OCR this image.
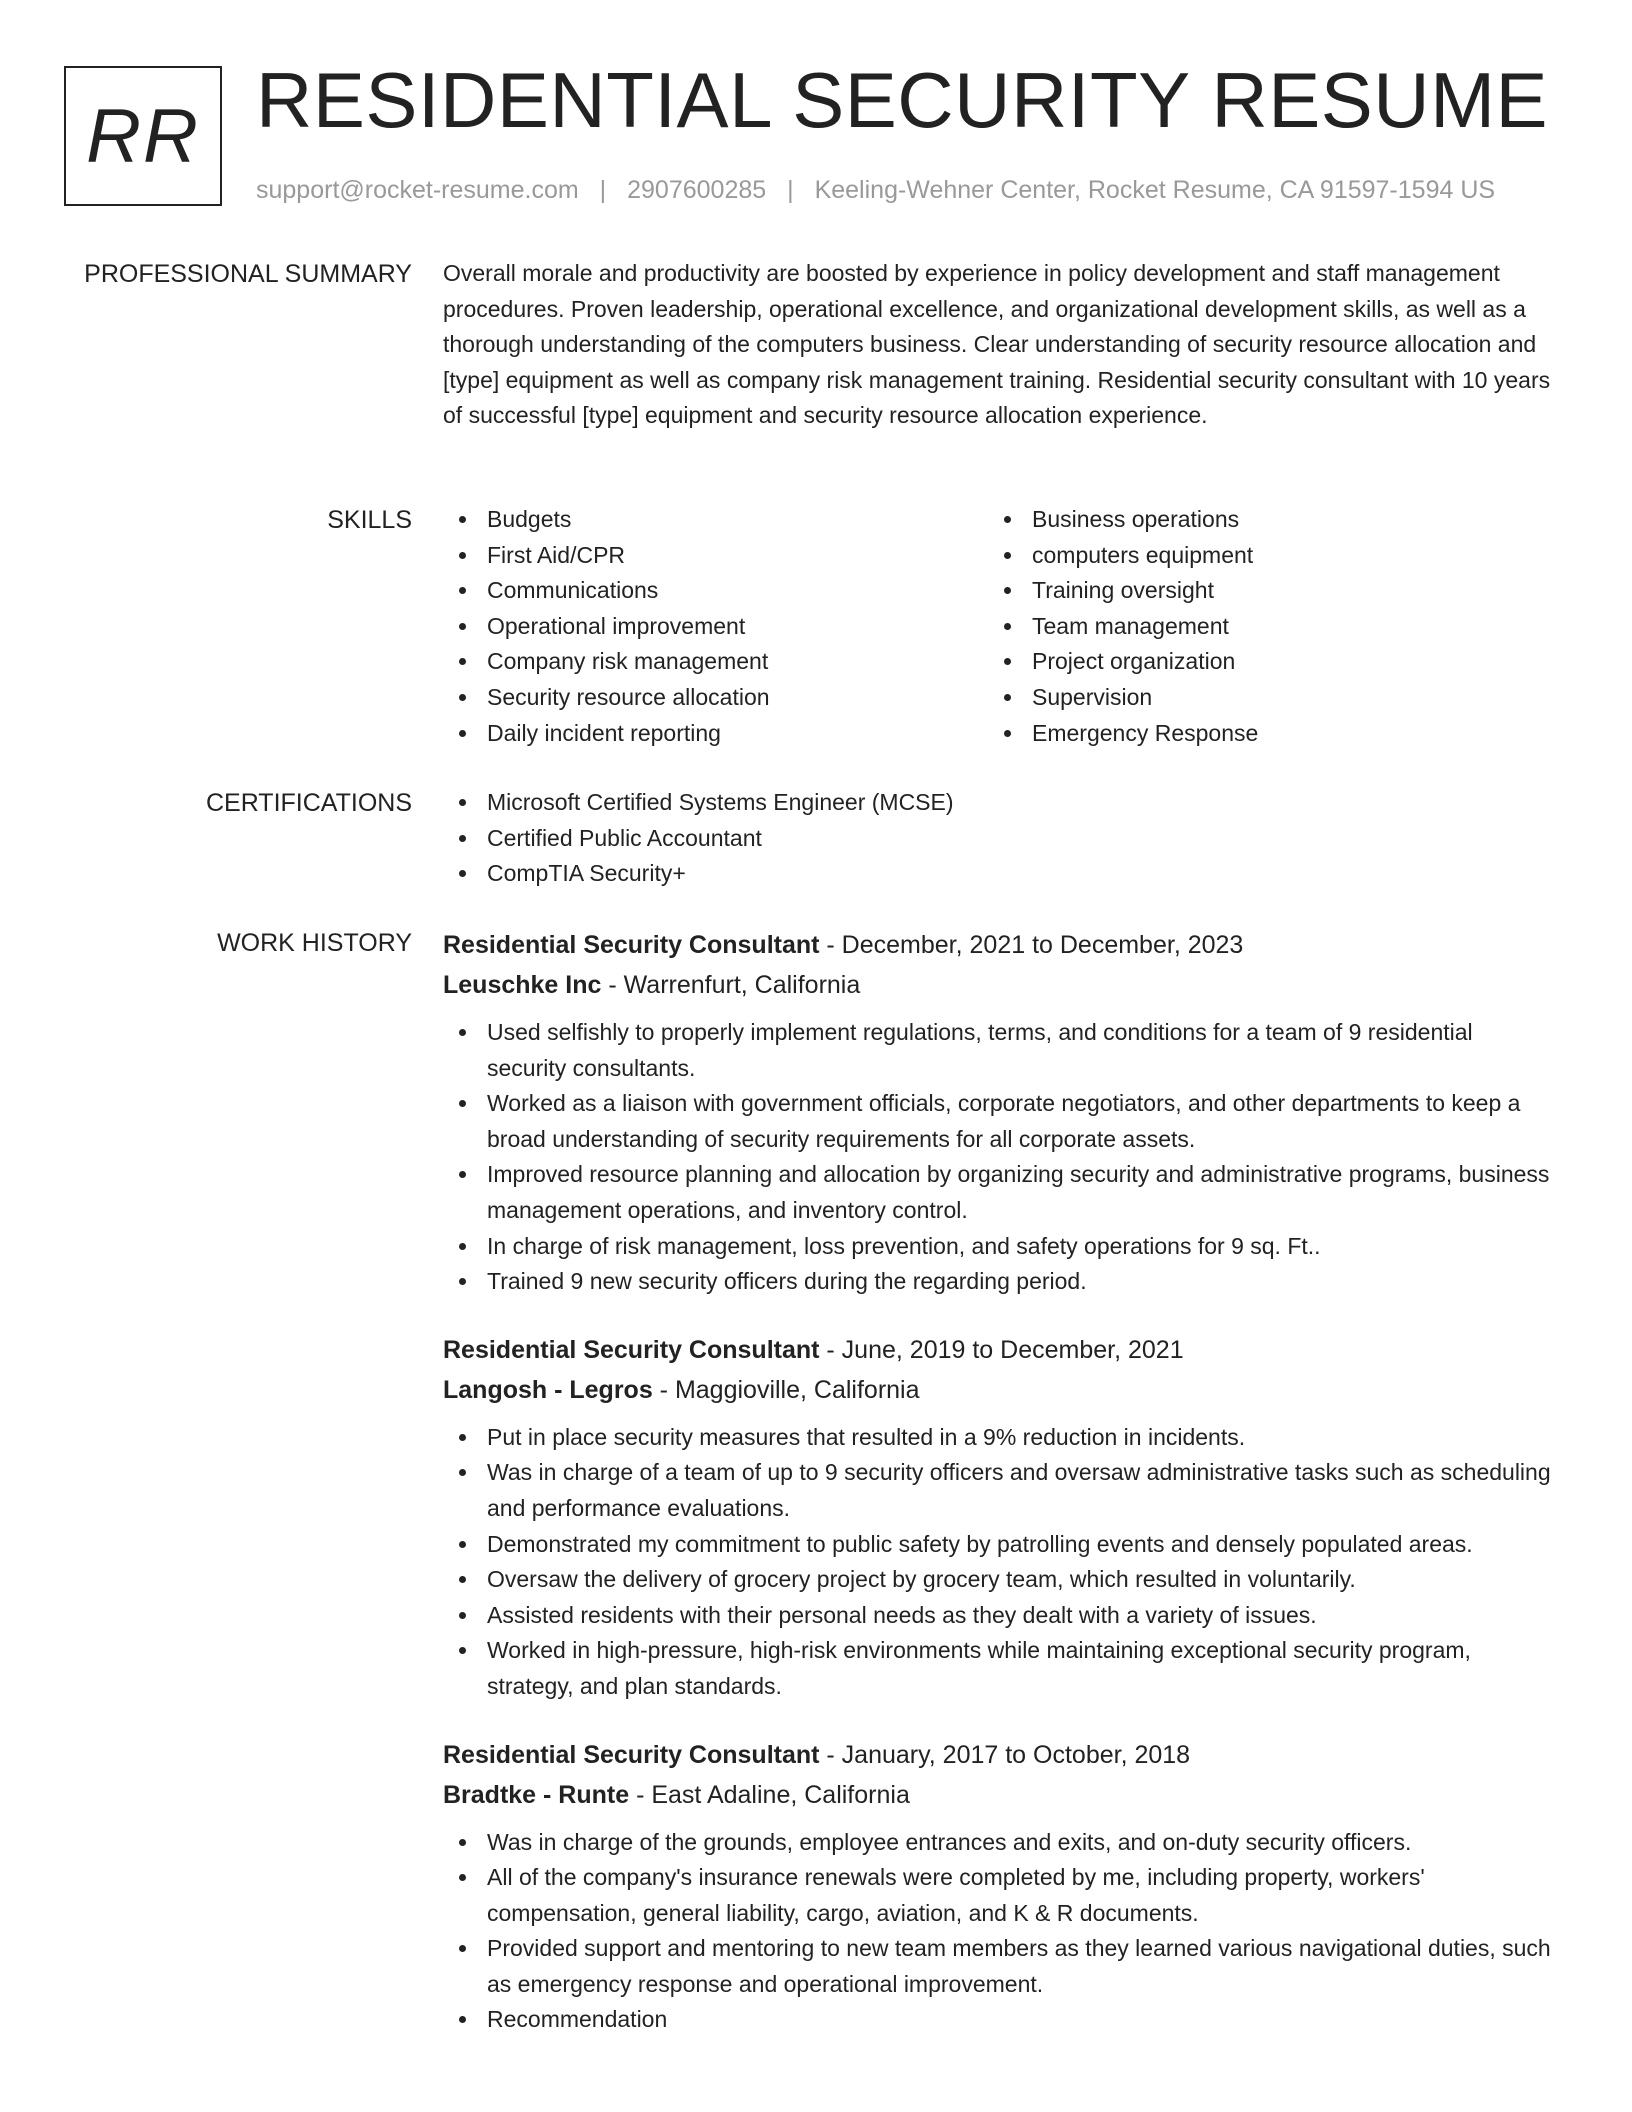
RR RESIDENTIAL SECURITY RESUME
support@rocket-resume.com | 2907600285 | Keeling-Wehner Center, Rocket Resume, CA 91597-1594 US
PROFESSIONAL SUMMARY Overall morale and productivity are boosted by experience in policy development and staff management procedures. Proven leadership, operational excellence, and organizational development skills, as well as a thorough understanding of the computers business. Clear understanding of security resource allocation and [type] equipment as well as company risk management training. Residential security consultant with 10 years of successful [type] equipment and security resource allocation experience.

SKILLS	Budgets
First Aid/CPR
Communications
Operational improvement
Company risk management
Security resource allocation
Daily incident reporting
Business operations
computers equipment
Training oversight
Team management
Project organization
Supervision
Emergency Response
CERTIFICATIONS	Microsoft Certified Systems Engineer (MCSE)
Certified Public Accountant
CompTIA Security+
WORK HISTORY Residential Security Consultant - December, 2021 to December, 2023
Leuschke Inc - Warrenfurt, California
Used selfishly to properly implement regulations, terms, and conditions for a team of 9 residential security consultants.
Worked as a liaison with government officials, corporate negotiators, and other departments to keep a broad understanding of security requirements for all corporate assets.
Improved resource planning and allocation by organizing security and administrative programs, business management operations, and inventory control.
In charge of risk management, loss prevention, and safety operations for 9 sq. Ft..
Trained 9 new security officers during the regarding period.
Residential Security Consultant - June, 2019 to December, 2021
Langosh - Legros - Maggioville, California
Put in place security measures that resulted in a 9% reduction in incidents.
Was in charge of a team of up to 9 security officers and oversaw administrative tasks such as scheduling and performance evaluations.
Demonstrated my commitment to public safety by patrolling events and densely populated areas.
Oversaw the delivery of grocery project by grocery team, which resulted in voluntarily.
Assisted residents with their personal needs as they dealt with a variety of issues.
Worked in high-pressure, high-risk environments while maintaining exceptional security program, strategy, and plan standards.
Residential Security Consultant - January, 2017 to October, 2018
Bradtke - Runte - East Adaline, California
Was in charge of the grounds, employee entrances and exits, and on-duty security officers.
All of the company's insurance renewals were completed by me, including property, workers' compensation, general liability, cargo, aviation, and K & R documents.
Provided support and mentoring to new team members as they learned various navigational duties, such as emergency response and operational improvement.
Recommendation
